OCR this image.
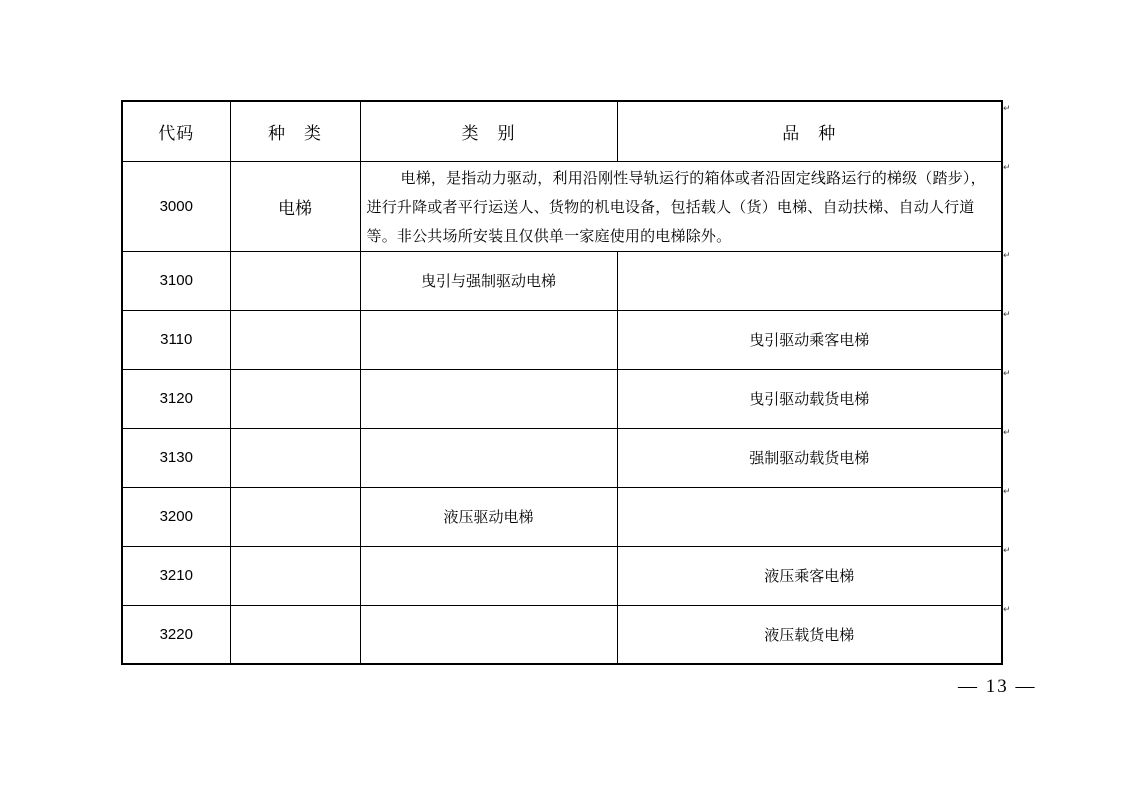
代码	种　类	类　别	品　种
3000	电梯	电梯，是指动力驱动，利用沿刚性导轨运行的箱体或者沿固定线路运行的梯级（踏步），进行升降或者平行运送人、货物的机电设备，包括载人（货）电梯、自动扶梯、自动人行道等。非公共场所安装且仅供单一家庭使用的电梯除外。	
3100		曳引与强制驱动电梯	
3110			曳引驱动乘客电梯
3120			曳引驱动载货电梯
3130			强制驱动载货电梯
3200		液压驱动电梯	
3210			液压乘客电梯
3220			液压载货电梯
↵
↵
↵
↵
↵
↵
↵
↵
↵
— 13 —
